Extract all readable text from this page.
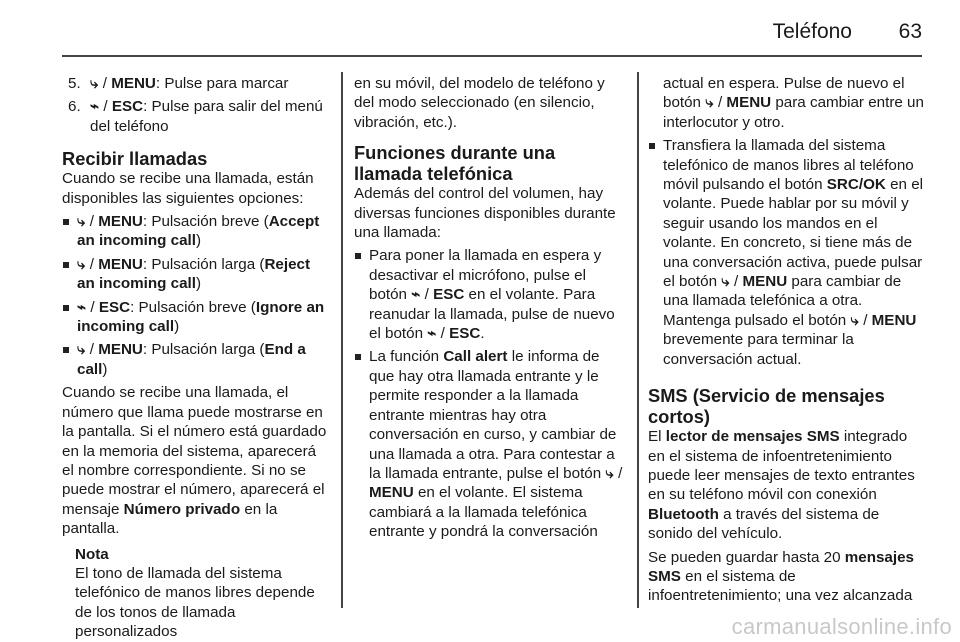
Teléfono 63
5. ⤷ / MENU: Pulse para marcar
6. ⌁ / ESC: Pulse para salir del menú del teléfono
Recibir llamadas
Cuando se recibe una llamada, están disponibles las siguientes opciones:
⤷ / MENU: Pulsación breve (Accept an incoming call)
⤷ / MENU: Pulsación larga (Reject an incoming call)
⌁ / ESC: Pulsación breve (Ignore an incoming call)
⤷ / MENU: Pulsación larga (End a call)
Cuando se recibe una llamada, el número que llama puede mostrarse en la pantalla. Si el número está guardado en la memoria del sistema, aparecerá el nombre correspondiente. Si no se puede mostrar el número, aparecerá el mensaje Número privado en la pantalla.
Nota
El tono de llamada del sistema telefónico de manos libres depende de los tonos de llamada personalizados
en su móvil, del modelo de teléfono y del modo seleccionado (en silencio, vibración, etc.).
Funciones durante una llamada telefónica
Además del control del volumen, hay diversas funciones disponibles durante una llamada:
Para poner la llamada en espera y desactivar el micrófono, pulse el botón ⌁ / ESC en el volante. Para reanudar la llamada, pulse de nuevo el botón ⌁ / ESC.
La función Call alert le informa de que hay otra llamada entrante y le permite responder a la llamada entrante mientras hay otra conversación en curso, y cambiar de una llamada a otra. Para contestar a la llamada entrante, pulse el botón ⤷ / MENU en el volante. El sistema cambiará a la llamada telefónica entrante y pondrá la conversación
actual en espera. Pulse de nuevo el botón ⤷ / MENU para cambiar entre un interlocutor y otro.
Transfiera la llamada del sistema telefónico de manos libres al teléfono móvil pulsando el botón SRC/OK en el volante. Puede hablar por su móvil y seguir usando los mandos en el volante. En concreto, si tiene más de una conversación activa, puede pulsar el botón ⤷ / MENU para cambiar de una llamada telefónica a otra. Mantenga pulsado el botón ⤷ / MENU brevemente para terminar la conversación actual.
SMS (Servicio de mensajes cortos)
El lector de mensajes SMS integrado en el sistema de infoentretenimiento puede leer mensajes de texto entrantes en su teléfono móvil con conexión Bluetooth a través del sistema de sonido del vehículo.
Se pueden guardar hasta 20 mensajes SMS en el sistema de infoentretenimiento; una vez alcanzada
carmanualsonline.info
